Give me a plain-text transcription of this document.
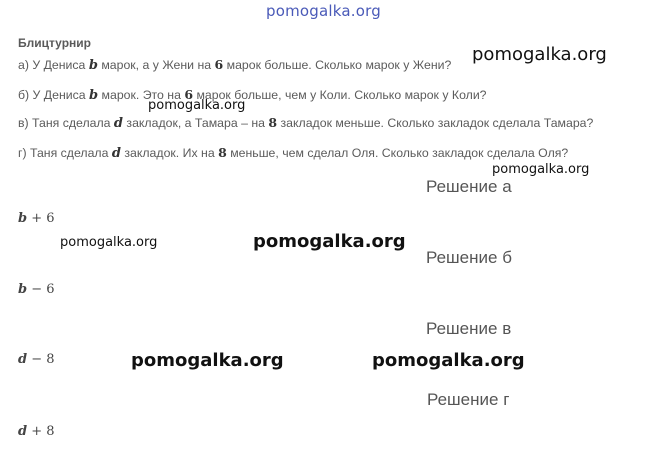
pomogalka.org
Блицтурнир
а) У Дениса b марок, а у Жени на 6 марок больше. Сколько марок у Жени?
б) У Дениса b марок. Это на 6 марок больше, чем у Коли. Сколько марок у Коли?
в) Таня сделала d закладок, а Тамара – на 8 закладок меньше. Сколько закладок сделала Тамара?
г) Таня сделала d закладок. Их на 8 меньше, чем сделал Оля. Сколько закладок сделала Оля?
Решение а
b + 6
Решение б
b − 6
Решение в
d − 8
Решение г
d + 8
pomogalka.org
pomogalka.org
pomogalka.org
pomogalka.org	pomogalka.org
pomogalka.org	pomogalka.org
